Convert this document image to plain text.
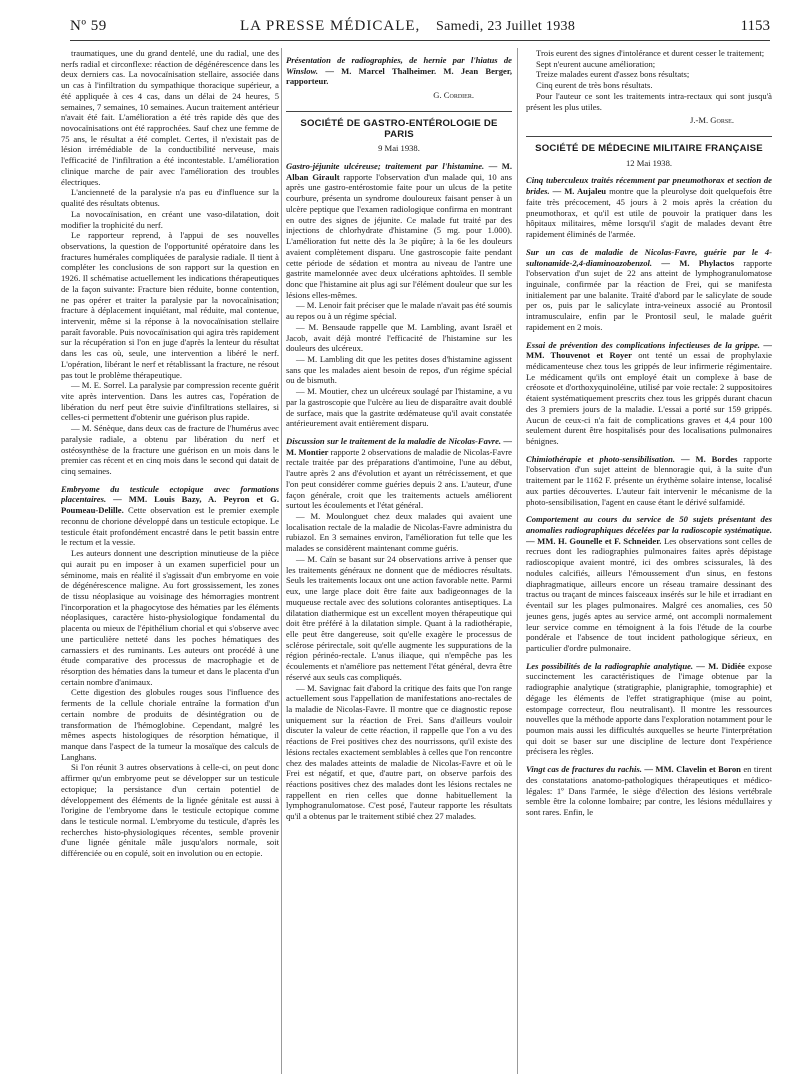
Nº 59	LA PRESSE MÉDICALE, Samedi, 23 Juillet 1938	1153

traumatiques, une du grand dentelé, une du radial, une des nerfs radial et circonflexe: réaction de dégénérescence dans les deux derniers cas. La novocaïnisation stellaire, associée dans un cas à l'infiltration du sympathique thoracique supérieur, a été appliquée à ces 4 cas, dans un délai de 24 heures, 5 semaines, 7 semaines, 10 semaines. Aucun traitement antérieur n'avait été fait. L'amélioration a été très rapide dès que des novocaïnisations ont été rapprochées. Sauf chez une femme de 75 ans, le résultat a été complet. Certes, il n'existait pas de lésion irrémédiable de la conductibilité nerveuse, mais l'efficacité de l'infiltration a été incontestable. L'amélioration clinique marche de pair avec l'amélioration des troubles électriques.

L'ancienneté de la paralysie n'a pas eu d'influence sur la qualité des résultats obtenus.

La novocaïnisation, en créant une vaso-dilatation, doit modifier la trophicité du nerf.

Le rapporteur reprend, à l'appui de ses nouvelles observations, la question de l'opportunité opératoire dans les fractures humérales compliquées de paralysie radiale. Il tient à compléter les conclusions de son rapport sur la question en 1926. Il schématise actuellement les indications thérapeutiques de la façon suivante: Fracture bien réduite, bonne contention, ne pas opérer et traiter la paralysie par la novocaïnisation; fracture à déplacement inquiétant, mal réduite, mal contenue, intervenir, même si la réponse à la novocaïnisation stellaire paraît favorable. Puis novocaïnisation qui agira très rapidement sur la récupération si l'on en juge d'après la lenteur du résultat dans les cas où, seule, une intervention a libéré le nerf. L'opération, libérant le nerf et rétablissant la fracture, ne résout pas tout le problème thérapeutique.

— M. E. Sorrel. La paralysie par compression recente guérit vite après intervention. Dans les autres cas, l'opération de libération du nerf peut être suivie d'infiltrations stellaires, si celles-ci permettent d'obtenir une guérison plus rapide.

— M. Sénèque, dans deux cas de fracture de l'humérus avec paralysie radiale, a obtenu par libération du nerf et ostéosynthèse de la fracture une guérison en un mois dans le premier cas récent et en cinq mois dans le second qui datait de cinq semaines.

Embryome du testicule ectopique avec formations placentaires. — MM. Louis Bazy, A. Peyron et G. Poumeau-Delille. Cette observation est le premier exemple reconnu de chorione développé dans un testicule ectopique. Le testicule était profondément encastré dans le petit bassin entre le rectum et la vessie.

Les auteurs donnent une description minutieuse de la pièce qui aurait pu en imposer à un examen superficiel pour un séminome, mais en réalité il s'agissait d'un embryome en voie de dégénérescence maligne. Au fort grossissement, les zones de tissu néoplasique au voisinage des hémorragies montrent l'incorporation et la phagocytose des hématies par les éléments néoplasiques, caractère histo-physiologique fondamental du placenta ou mieux de l'épithélium chorial et qui s'observe avec une particulière netteté dans les poches hématiques des carnassiers et des ruminants. Les auteurs ont procédé à une étude comparative des processus de macrophagie et de résorption des hématies dans la tumeur et dans le placenta d'un certain nombre d'animaux.

Cette digestion des globules rouges sous l'influence des ferments de la cellule choriale entraîne la formation d'un certain nombre de produits de désintégration ou de transformation de l'hémoglobine. Cependant, malgré les mêmes aspects histologiques de résorption hématique, il manque dans l'aspect de la tumeur la mosaïque des calculs de Langhans.

Si l'on réunit 3 autres observations à celle-ci, on peut donc affirmer qu'un embryome peut se développer sur un testicule ectopique; la persistance d'un certain potentiel de développement des éléments de la lignée génitale est aussi à l'origine de l'embryome dans le testicule ectopique comme dans le testicule normal. L'embryome du testicule, d'après les recherches histo-physiologiques récentes, semble provenir d'une lignée génitale mâle jusqu'alors normale, soit différenciée ou en copulé, soit en involution ou en ectopie.

Présentation de radiographies, de hernie par l'hiatus de Winslow. — M. Marcel Thalheimer. M. Jean Berger, rapporteur.

G. Cordier.
SOCIÉTÉ DE GASTRO-ENTÉROLOGIE DE PARIS
9 Mai 1938.

Gastro-jéjunite ulcéreuse; traitement par l'histamine. — M. Alban Girault rapporte l'observation d'un malade qui, 10 ans après une gastro-entérostomie faite pour un ulcus de la petite courbure, présenta un syndrome douloureux faisant penser à un ulcère peptique que l'examen radiologique confirma en montrant en outre des signes de jéjunite. Ce malade fut traité par des injections de chlorhydrate d'histamine (5 mg. pour 1.000). L'amélioration fut nette dès la 3e piqûre; à la 6e les douleurs avaient complètement disparu. Une gastroscopie faite pendant cette période de sédation et montra au niveau de l'antre une gastrite mamelonnée avec deux ulcérations aphtoïdes. Il semble donc que l'histamine ait plus agi sur l'élément douleur que sur les lésions elles-mêmes.

— M. Lenoir fait préciser que le malade n'avait pas été soumis au repos ou à un régime spécial.

— M. Bensaude rappelle que M. Lambling, avant Israël et Jacob, avait déjà montré l'efficacité de l'histamine sur les douleurs des ulcéreux.

— M. Lambling dit que les petites doses d'histamine agissent sans que les malades aient besoin de repos, d'un régime spécial ou de bismuth.

— M. Moutier, chez un ulcéreux soulagé par l'histamine, a vu par la gastroscopie que l'ulcère au lieu de disparaître avait doublé de surface, mais que la gastrite œdémateuse qu'il avait constatée antérieurement avait entièrement disparu.

Discussion sur le traitement de la maladie de Nicolas-Favre. — M. Montier rapporte 2 observations de maladie de Nicolas-Favre rectale traitée par des préparations d'antimoine, l'une au début, l'autre après 2 ans d'évolution et ayant un rétrécissement, et que l'on peut considérer comme guéries depuis 2 ans. L'auteur, d'une façon générale, croit que les traitements actuels améliorent surtout les écoulements et l'état général.

— M. Moulonguet chez deux malades qui avaient une localisation rectale de la maladie de Nicolas-Favre administra du rubiazol. En 3 semaines environ, l'amélioration fut telle que les malades se considèrent maintenant comme guéris.

— M. Caïn se basant sur 24 observations arrive à penser que les traitements généraux ne donnent que de médiocres résultats. Seuls les traitements locaux ont une action favorable nette. Parmi eux, une large place doit être faite aux badigeonnages de la muqueuse rectale avec des solutions colorantes antiseptiques. La dilatation diathermique est un excellent moyen thérapeutique qui doit être préféré à la dilatation simple. Quant à la radiothérapie, elle peut être dangereuse, soit qu'elle exagère le processus de sclérose périrectale, soit qu'elle augmente les suppurations de la région périnéo-rectale. L'anus iliaque, qui n'empêche pas les écoulements et n'améliore pas nettement l'état général, devra être réservé aux seuls cas compliqués.

— M. Savignac fait d'abord la critique des faits que l'on range actuellement sous l'appellation de manifestations ano-rectales de la maladie de Nicolas-Favre. Il montre que ce diagnostic repose uniquement sur la réaction de Frei. Sans d'ailleurs vouloir discuter la valeur de cette réaction, il rappelle que l'on a vu des réactions de Frei positives chez des nourrissons, qu'il existe des lésions rectales exactement semblables à celles que l'on rencontre chez des malades atteints de maladie de Nicolas-Favre et où le Frei est négatif, et que, d'autre part, on observe parfois des réactions positives chez des malades dont les lésions rectales ne rappellent en rien celles que donne habituellement la lymphogranulomatose. C'est posé, l'auteur rapporte les résultats qu'il a obtenus par le traitement stibié chez 27 malades.

Trois eurent des signes d'intolérance et durent cesser le traitement;

Sept n'eurent aucune amélioration;

Treize malades eurent d'assez bons résultats;

Cinq eurent de très bons résultats.

Pour l'auteur ce sont les traitements intra-rectaux qui sont jusqu'à présent les plus utiles.

J.-M. Gorse.
SOCIÉTÉ DE MÉDECINE MILITAIRE FRANÇAISE
12 Mai 1938.

Cinq tuberculeux traités récemment par pneumothorax et section de brides. — M. Aujaleu montre que la pleurolyse doit quelquefois être faite très précocement, 45 jours à 2 mois après la création du pneumothorax, et qu'il est utile de pouvoir la pratiquer dans les hôpitaux militaires, même lorsqu'il s'agit de malades devant être rapidement éliminés de l'armée.

Sur un cas de maladie de Nicolas-Favre, guérie par le 4-sultonamide-2,4-diaminoazobenzol. — M. Phylactos rapporte l'observation d'un sujet de 22 ans atteint de lymphogranulomatose inguinale, confirmée par la réaction de Frei, qui se manifesta initialement par une balanite. Traité d'abord par le salicylate de soude per os, puis par le salicylate intra-veineux associé au Prontosil intramusculaire, enfin par le Prontosil seul, le malade guérit rapidement en 2 mois.

Essai de prévention des complications infectieuses de la grippe. — MM. Thouvenot et Royer ont tenté un essai de prophylaxie médicamenteuse chez tous les grippés de leur infirmerie régimentaire. Le médicament qu'ils ont employé était un complexe à base de créosote et d'orthoxyquinoléine, utilisé par voie rectale: 2 suppositoires étaient systématiquement prescrits chez tous les grippés durant chacun des 3 premiers jours de la maladie. L'essai a porté sur 159 grippés. Aucun de ceux-ci n'a fait de complications graves et 4,4 pour 100 seulement durent être hospitalisés pour des localisations pulmonaires bénignes.

Chimiothérapie et photo-sensibilisation. — M. Bordes rapporte l'observation d'un sujet atteint de blennoragie qui, à la suite d'un traitement par le 1162 F. présente un érythème solaire intense, localisé aux parties découvertes. L'auteur fait intervenir le mécanisme de la photo-sensibilisation, l'agent en cause étant le dérivé sulfamidé.

Comportement au cours du service de 50 sujets présentant des anomalies radiographiques décelées par la radioscopie systématique. — MM. H. Gounelle et F. Schneider. Les observations sont celles de recrues dont les radiographies pulmonaires faites après dépistage radioscopique avaient montré, ici des ombres scissurales, là des nodules calcifiés, ailleurs l'émoussement d'un sinus, en festons diaphragmatique, ailleurs encore un réseau tramaire dessinant des tractus ou traçant de minces faisceaux insérés sur le hile et irradiant en éventail sur les plages pulmonaires. Malgré ces anomalies, ces 50 jeunes gens, jugés aptes au service armé, ont accompli normalement leur service comme en témoignent à la fois l'étude de la courbe pondérale et l'absence de tout incident pathologique sérieux, en particulier d'ordre pulmonaire.

Les possibilités de la radiographie analytique. — M. Didiée expose succinctement les caractéristiques de l'image obtenue par la radiographie analytique (stratigraphie, planigraphie, tomographie) et dégage les éléments de l'effet stratigraphique (mise au point, estompage correcteur, flou neutralisant). Il montre les ressources nouvelles que la méthode apporte dans l'exploration notamment pour le poumon mais aussi les difficultés auxquelles se heurte l'interprétation qui doit se baser sur une discipline de lecture dont l'expérience précisera les règles.

Vingt cas de fractures du rachis. — MM. Clavelin et Boron en tirent des constatations anatomo-pathologiques thérapeutiques et médico-légales: 1º Dans l'armée, le siège d'élection des lésions vertébrale semble être la colonne lombaire; par contre, les lésions médullaires y sont rares. Enfin, le
